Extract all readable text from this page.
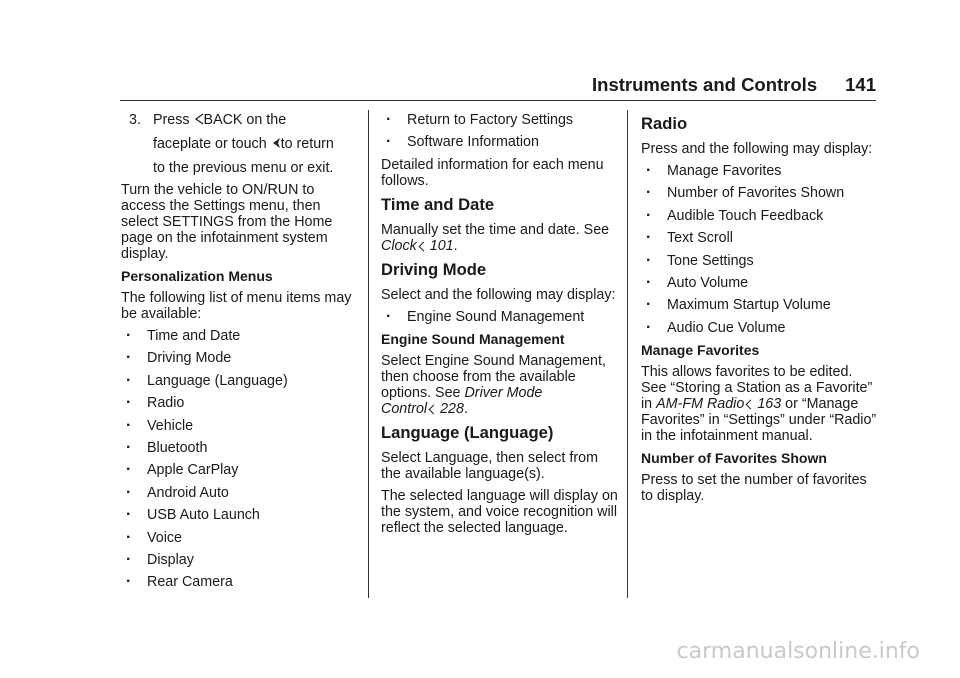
Instruments and Controls 141
3. Press BACK on the
faceplate or touch to return
to the previous menu or exit.

Turn the vehicle to ON/RUN to access the Settings menu, then select SETTINGS from the Home page on the infotainment system display.

Personalization Menus

The following list of menu items may be available:

. Time and Date
. Driving Mode
. Language (Language)
. Radio
. Vehicle
. Bluetooth
. Apple CarPlay
. Android Auto
. USB Auto Launch
. Voice
. Display
. Rear Camera
. Return to Factory Settings
. Software Information

Detailed information for each menu follows.

Time and Date

Manually set the time and date. See Clock 101.

Driving Mode

Select and the following may display:

. Engine Sound Management
Engine Sound Management

Select Engine Sound Management, then choose from the available options. See Driver Mode
Control 228.

Language (Language)

Select Language, then select from the available language(s).

The selected language will display on the system, and voice recognition will reflect the selected language.

Radio

Press and the following may display:

. Manage Favorites
. Number of Favorites Shown
. Audible Touch Feedback
. Text Scroll
. Tone Settings
. Auto Volume
. Maximum Startup Volume
. Audio Cue Volume
Manage Favorites

This allows favorites to be edited. See “Storing a Station as a Favorite” in AM-FM Radio 163 or “Manage Favorites” in “Settings” under “Radio” in the infotainment manual.

Number of Favorites Shown

Press to set the number of favorites to display.

carmanualsonline.info
